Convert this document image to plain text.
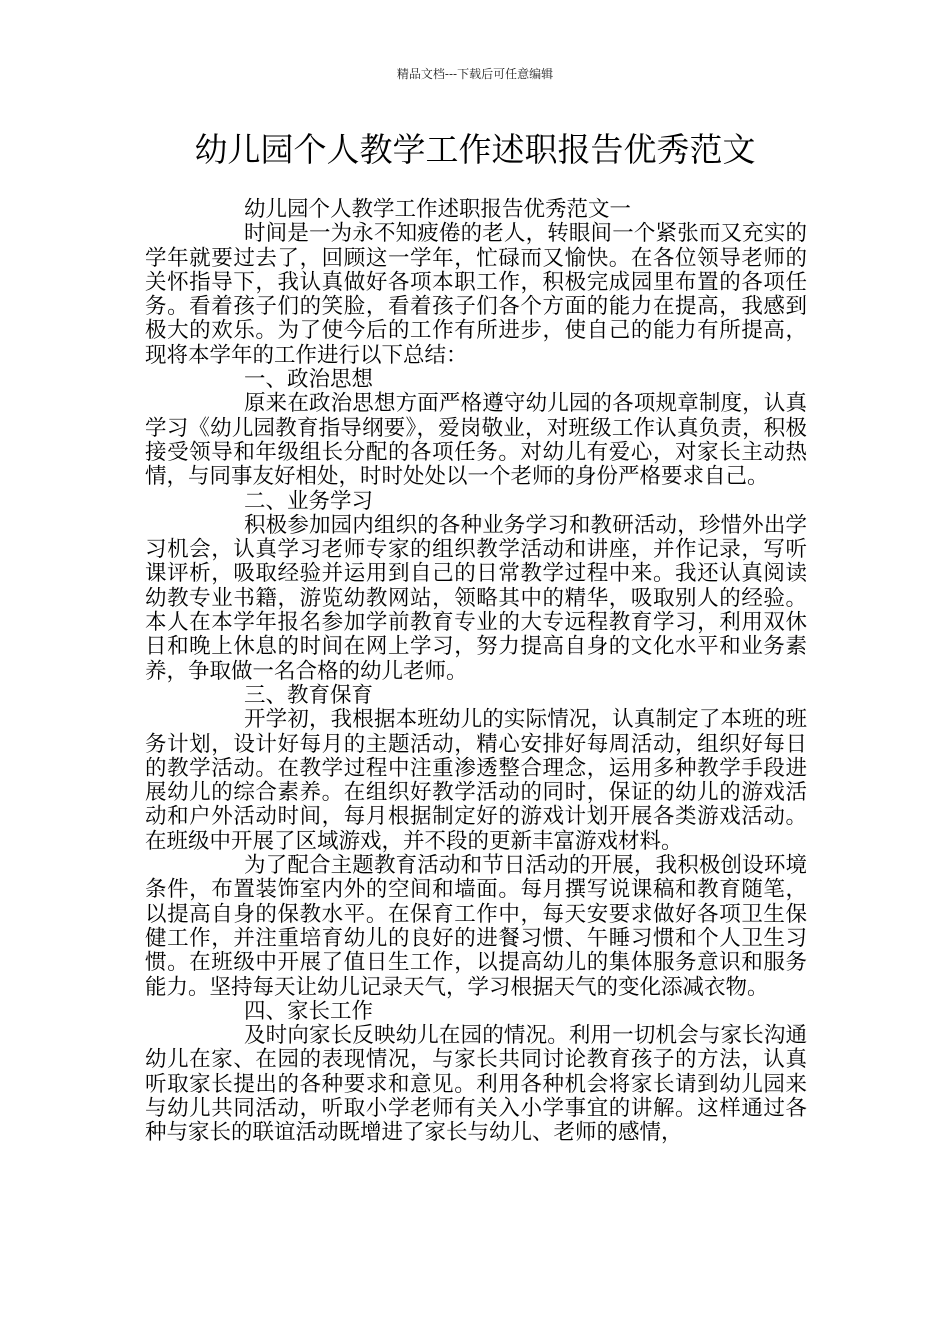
精品文档---下载后可任意编辑
幼儿园个人教学工作述职报告优秀范文

幼儿园个人教学工作述职报告优秀范文一

时间是一为永不知疲倦的老人，转眼间一个紧张而又充实的学年就要过去了，回顾这一学年，忙碌而又愉快。在各位领导老师的关怀指导下，我认真做好各项本职工作，积极完成园里布置的各项任务。看着孩子们的笑脸，看着孩子们各个方面的能力在提高，我感到极大的欢乐。为了使今后的工作有所进步，使自己的能力有所提高，现将本学年的工作进行以下总结：

一、政治思想

原来在政治思想方面严格遵守幼儿园的各项规章制度，认真学习《幼儿园教育指导纲要》，爱岗敬业，对班级工作认真负责，积极接受领导和年级组长分配的各项任务。对幼儿有爱心，对家长主动热情，与同事友好相处，时时处处以一个老师的身份严格要求自己。

二、业务学习

积极参加园内组织的各种业务学习和教研活动，珍惜外出学习机会，认真学习老师专家的组织教学活动和讲座，并作记录，写听课评析，吸取经验并运用到自己的日常教学过程中来。我还认真阅读幼教专业书籍，游览幼教网站，领略其中的精华，吸取别人的经验。本人在本学年报名参加学前教育专业的大专远程教育学习，利用双休日和晚上休息的时间在网上学习，努力提高自身的文化水平和业务素养，争取做一名合格的幼儿老师。

三、教育保育

开学初，我根据本班幼儿的实际情况，认真制定了本班的班务计划，设计好每月的主题活动，精心安排好每周活动，组织好每日的教学活动。在教学过程中注重渗透整合理念，运用多种教学手段进展幼儿的综合素养。在组织好教学活动的同时，保证的幼儿的游戏活动和户外活动时间，每月根据制定好的游戏计划开展各类游戏活动。在班级中开展了区域游戏，并不段的更新丰富游戏材料。

为了配合主题教育活动和节日活动的开展，我积极创设环境条件，布置装饰室内外的空间和墙面。每月撰写说课稿和教育随笔，以提高自身的保教水平。在保育工作中，每天安要求做好各项卫生保健工作，并注重培育幼儿的良好的进餐习惯、午睡习惯和个人卫生习惯。在班级中开展了值日生工作，以提高幼儿的集体服务意识和服务能力。坚持每天让幼儿记录天气，学习根据天气的变化添减衣物。

四、家长工作

及时向家长反映幼儿在园的情况。利用一切机会与家长沟通幼儿在家、在园的表现情况，与家长共同讨论教育孩子的方法，认真听取家长提出的各种要求和意见。利用各种机会将家长请到幼儿园来与幼儿共同活动，听取小学老师有关入小学事宜的讲解。这样通过各种与家长的联谊活动既增进了家长与幼儿、老师的感情，
